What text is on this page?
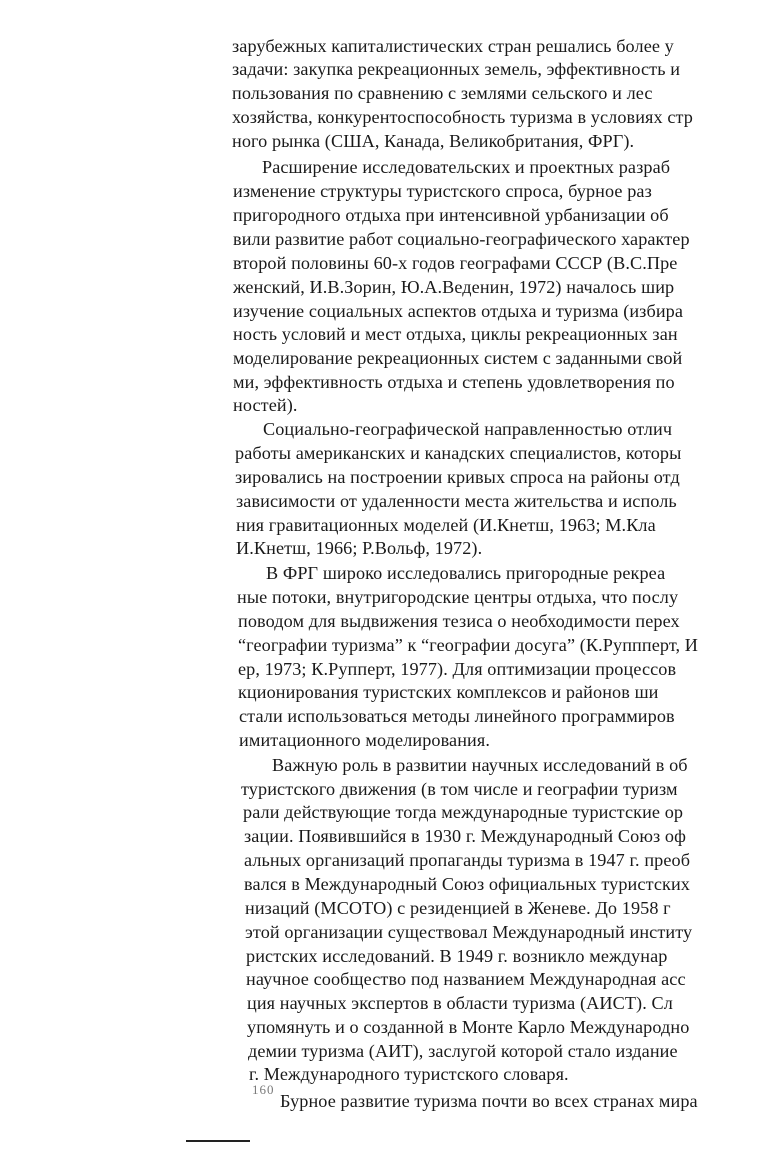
зарубежных капиталистических стран решались более у
задачи: закупка рекреационных земель, эффективность и
пользования по сравнению с землями сельского и лес
хозяйства, конкурентоспособность туризма в условиях стр
ного рынка (США, Канада, Великобритания, ФРГ).
Расширение исследовательских и проектных разраб
изменение структуры туристского спроса, бурное раз
пригородного отдыха при интенсивной урбанизации об
вили развитие работ социально-географического характер
второй половины 60-х годов географами СССР (В.С.Пре
женский, И.В.Зорин, Ю.А.Веденин, 1972) началось шир
изучение социальных аспектов отдыха и туризма (избира
ность условий и мест отдыха, циклы рекреационных зан
моделирование рекреационных систем с заданными свой
ми, эффективность отдыха и степень удовлетворения по
ностей).
Социально-географической направленностью отлич
работы американских и канадских специалистов, которы
зировались на построении кривых спроса на районы отд
зависимости от удаленности места жительства и исполь
ния гравитационных моделей (И.Кнетш, 1963; М.Кла
И.Кнетш, 1966; Р.Вольф, 1972).
В ФРГ широко исследовались пригородные рекреа
ные потоки, внутригородские центры отдыха, что послу
поводом для выдвижения тезиса о необходимости перех
“географии туризма” к “географии досуга” (К.Руппперт, И
ер, 1973; К.Рупперт, 1977). Для оптимизации процессов
кционирования туристских комплексов и районов ши
стали использоваться методы линейного программиров
имитационного моделирования.
Важную роль в развитии научных исследований в об
туристского движения (в том числе и географии туризм
рали действующие тогда международные туристские ор
зации. Появившийся в 1930 г. Международный Союз оф
альных организаций пропаганды туризма в 1947 г. преоб
вался в Международный Союз официальных туристских
низаций (МСОТО) с резиденцией в Женеве. До 1958 г
этой организации существовал Международный институ
ристских исследований. В 1949 г. возникло междунар
научное сообщество под названием Международная асс
ция научных экспертов в области туризма (АИСТ). Сл
упомянуть и о созданной в Монте Карло Международно
демии туризма (АИТ), заслугой которой стало издание
г. Международного туристского словаря.
Бурное развитие туризма почти во всех странах мира
160
